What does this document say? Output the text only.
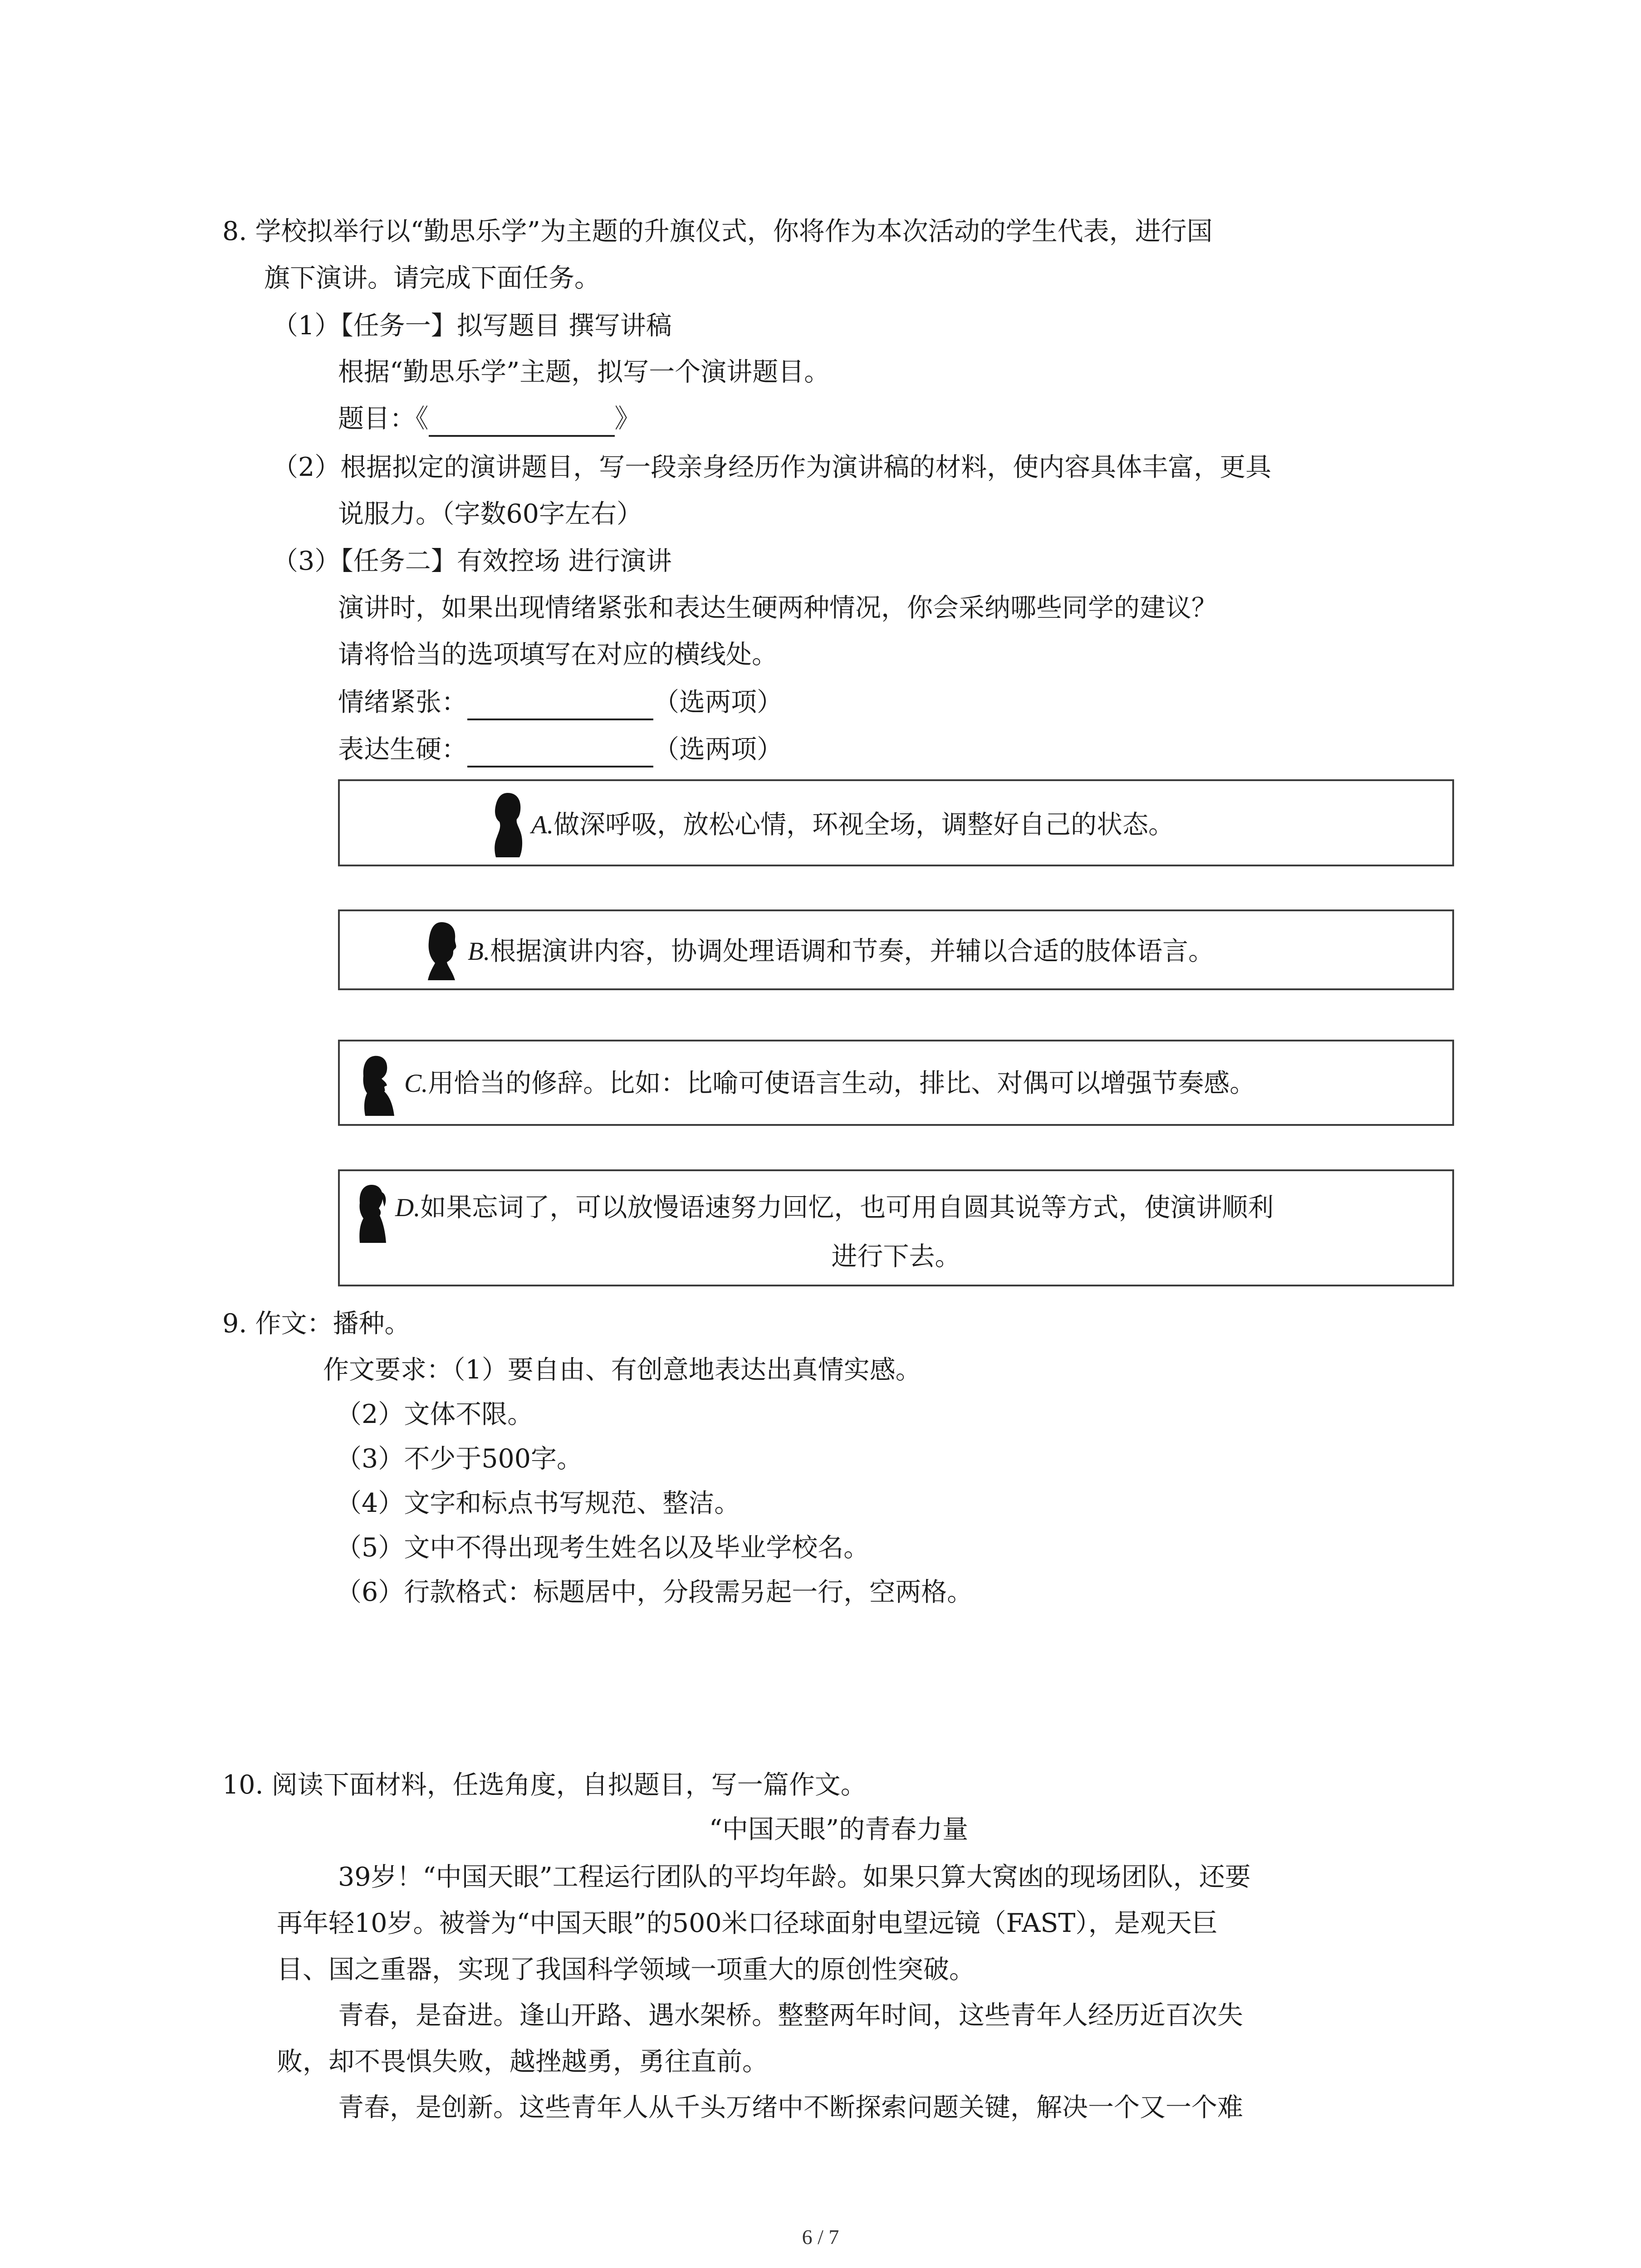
8. 学校拟举行以“勤思乐学”为主题的升旗仪式，你将作为本次活动的学生代表，进行国
旗下演讲。请完成下面任务。
（1）【任务一】拟写题目 撰写讲稿
根据“勤思乐学”主题，拟写一个演讲题目。
题目：《	》
（2）根据拟定的演讲题目，写一段亲身经历作为演讲稿的材料，使内容具体丰富，更具
说服力。（字数60字左右）
（3）【任务二】有效控场 进行演讲
演讲时，如果出现情绪紧张和表达生硬两种情况，你会采纳哪些同学的建议？
请将恰当的选项填写在对应的横线处。
情绪紧张：	（选两项）
表达生硬：	（选两项）
A.做深呼吸，放松心情，环视全场，调整好自己的状态。
B.根据演讲内容，协调处理语调和节奏，并辅以合适的肢体语言。
C.用恰当的修辞。比如：比喻可使语言生动，排比、对偶可以增强节奏感。
D.如果忘词了，可以放慢语速努力回忆，也可用自圆其说等方式，使演讲顺利
进行下去。
9. 作文：播种。
作文要求：（1）要自由、有创意地表达出真情实感。
（2）文体不限。
（3）不少于500字。
（4）文字和标点书写规范、整洁。
（5）文中不得出现考生姓名以及毕业学校名。
（6）行款格式：标题居中，分段需另起一行，空两格。
10. 阅读下面材料，任选角度，自拟题目，写一篇作文。
“中国天眼”的青春力量
39岁！“中国天眼”工程运行团队的平均年龄。如果只算大窝凼的现场团队，还要
再年轻10岁。被誉为“中国天眼”的500米口径球面射电望远镜（FAST），是观天巨
目、国之重器，实现了我国科学领域一项重大的原创性突破。
青春，是奋进。逢山开路、遇水架桥。整整两年时间，这些青年人经历近百次失
败，却不畏惧失败，越挫越勇，勇往直前。
青春，是创新。这些青年人从千头万绪中不断探索问题关键，解决一个又一个难
6 / 7
